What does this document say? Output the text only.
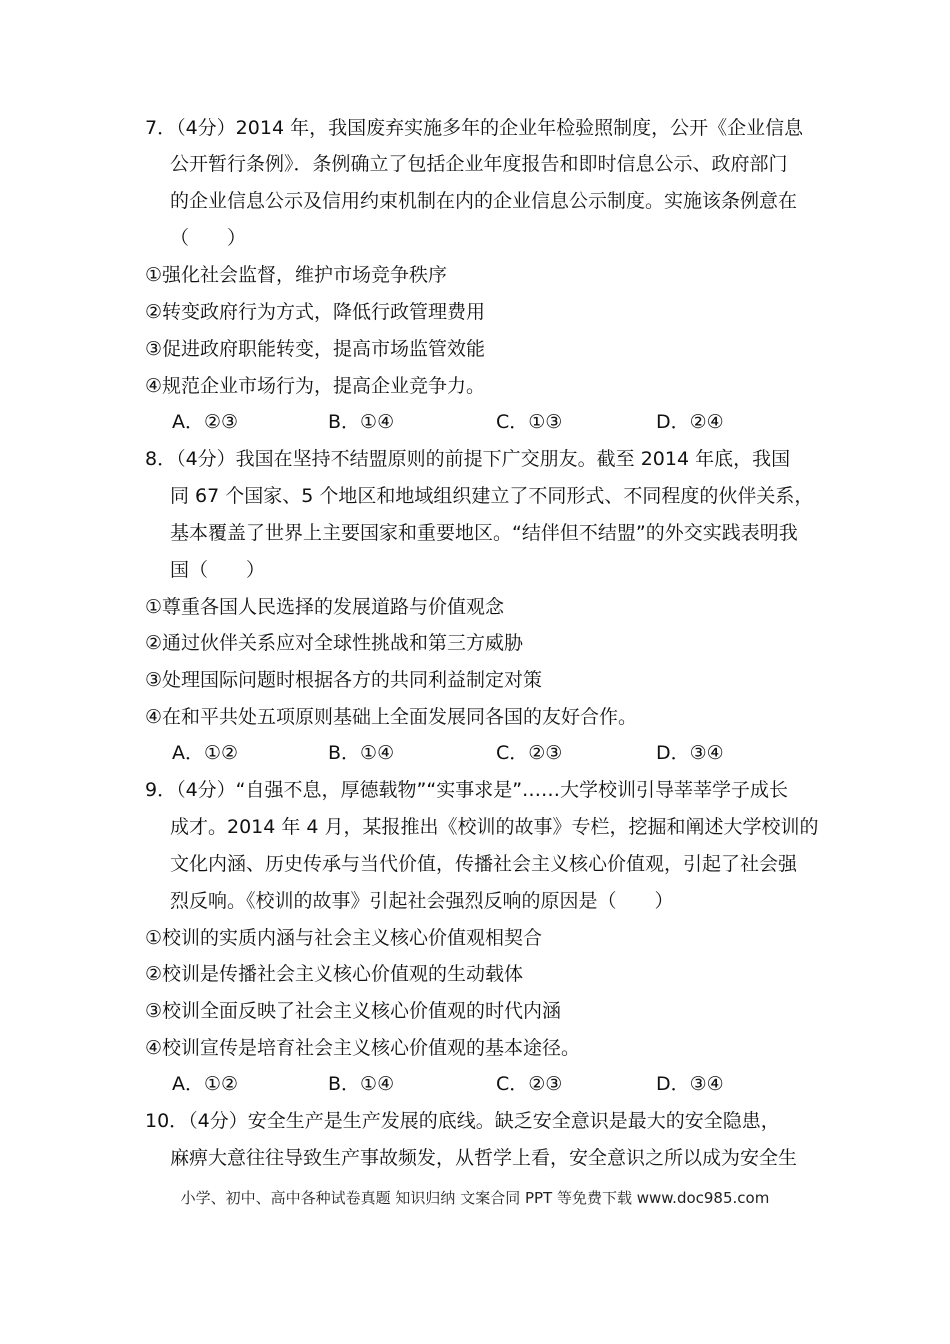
7．（4分）2014 年，我国废弃实施多年的企业年检验照制度，公开《企业信息
公开暂行条例》．条例确立了包括企业年度报告和即时信息公示、政府部门
的企业信息公示及信用约束机制在内的企业信息公示制度。实施该条例意在
（　　）
①强化社会监督，维护市场竞争秩序
②转变政府行为方式，降低行政管理费用
③促进政府职能转变，提高市场监管效能
④规范企业市场行为，提高企业竞争力。
A．②③	B．①④	C．①③	D．②④
8．（4分）我国在坚持不结盟原则的前提下广交朋友。截至 2014 年底，我国
同 67 个国家、5 个地区和地域组织建立了不同形式、不同程度的伙伴关系，
基本覆盖了世界上主要国家和重要地区。“结伴但不结盟”的外交实践表明我
国（　　）
①尊重各国人民选择的发展道路与价值观念
②通过伙伴关系应对全球性挑战和第三方威胁
③处理国际问题时根据各方的共同利益制定对策
④在和平共处五项原则基础上全面发展同各国的友好合作。
A．①②	B．①④	C．②③	D．③④
9．（4分）“自强不息，厚德载物”“实事求是”……大学校训引导莘莘学子成长
成才。2014 年 4 月，某报推出《校训的故事》专栏，挖掘和阐述大学校训的
文化内涵、历史传承与当代价值，传播社会主义核心价值观，引起了社会强
烈反响。《校训的故事》引起社会强烈反响的原因是（　　）
①校训的实质内涵与社会主义核心价值观相契合
②校训是传播社会主义核心价值观的生动载体
③校训全面反映了社会主义核心价值观的时代内涵
④校训宣传是培育社会主义核心价值观的基本途径。
A．①②	B．①④	C．②③	D．③④
10．（4分）安全生产是生产发展的底线。缺乏安全意识是最大的安全隐患，
麻痹大意往往导致生产事故频发，从哲学上看，安全意识之所以成为安全生
小学、初中、高中各种试卷真题 知识归纳 文案合同 PPT 等免费下载 www.doc985.com
